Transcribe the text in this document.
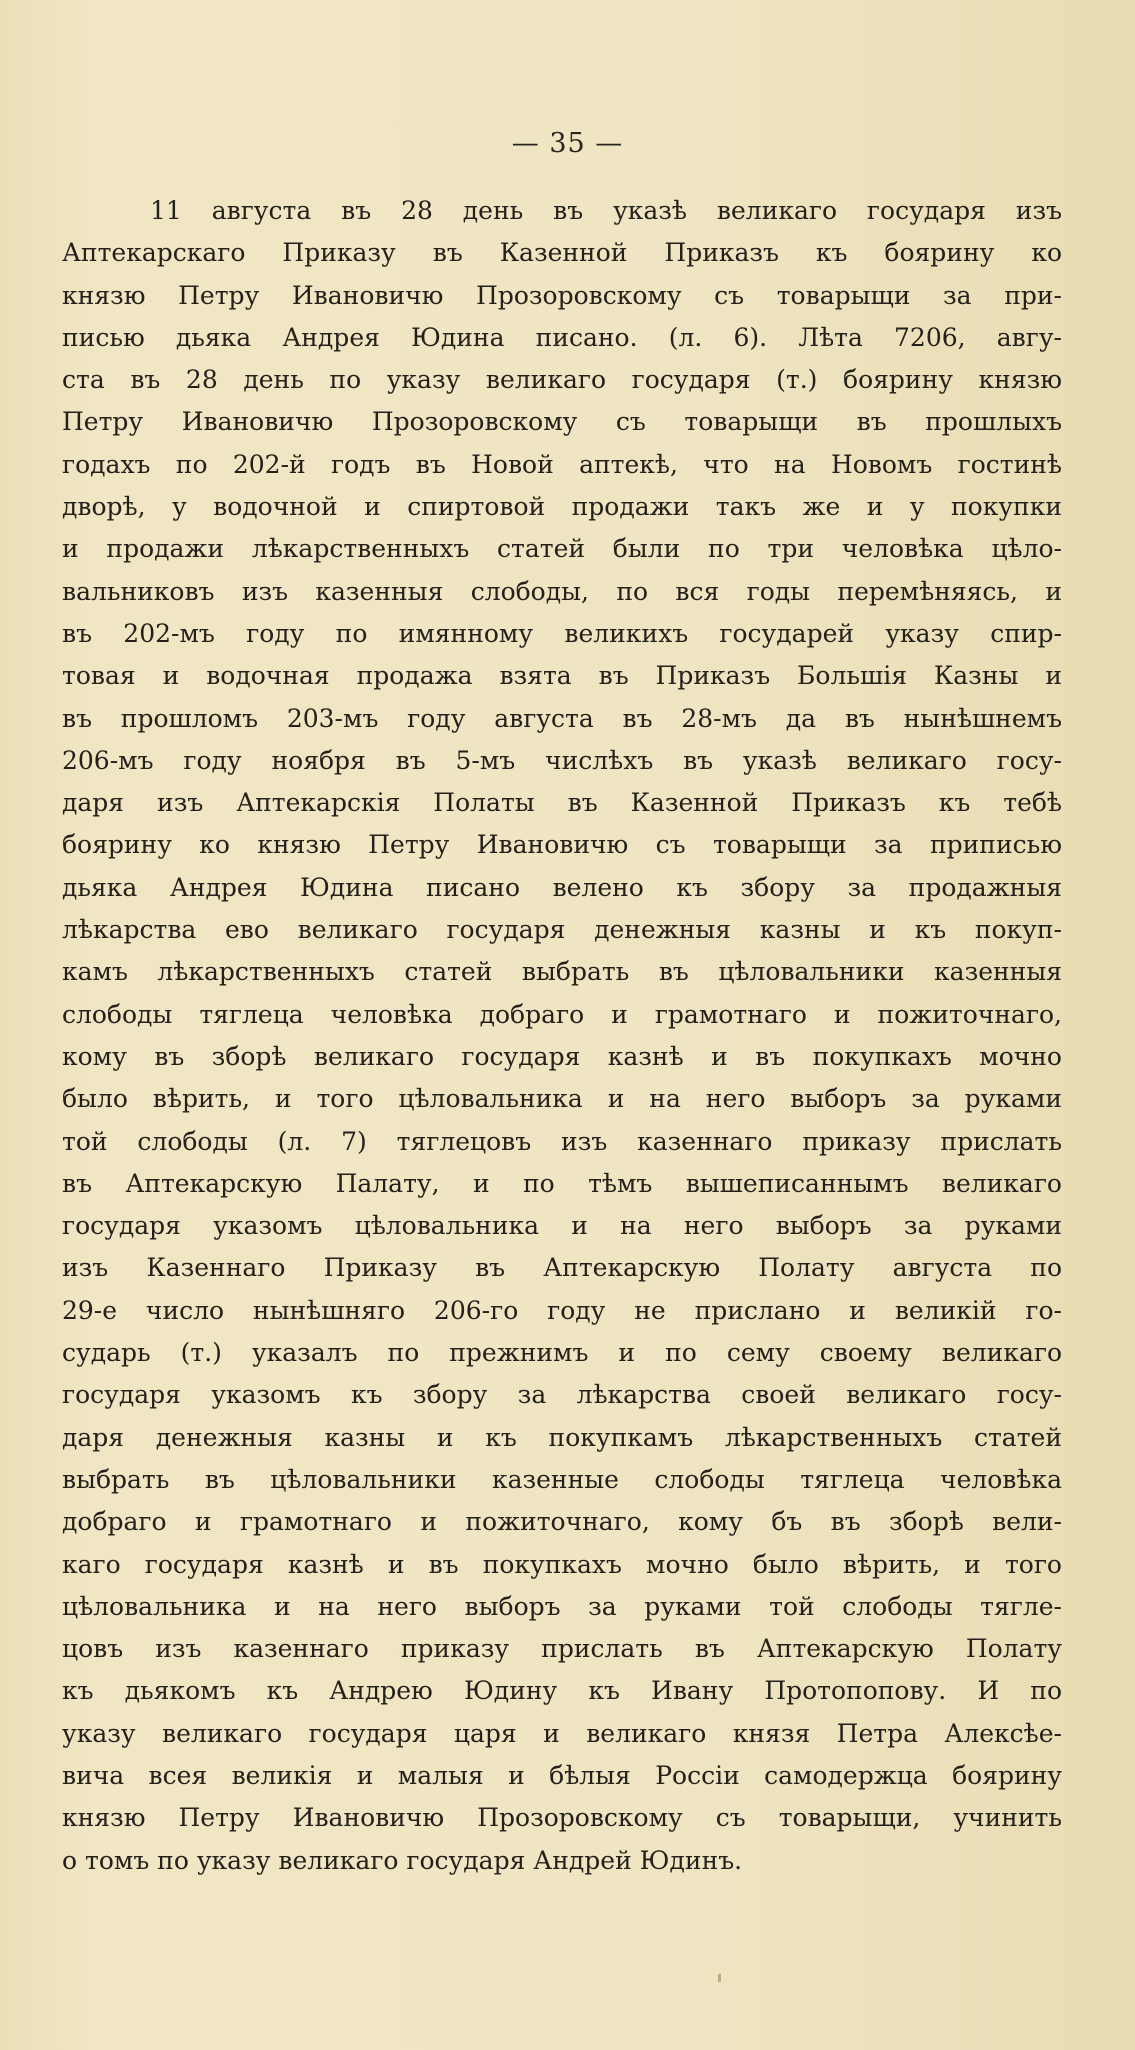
— 35 —
11 августа въ 28 день въ указѣ великаго государя изъ
Аптекарскаго Приказу въ Казенной Приказъ къ боярину ко
князю Петру Ивановичю Прозоровскому съ товарыщи за при-
писью дьяка Андрея Юдина писано. (л. 6). Лѣта 7206, авгу-
ста въ 28 день по указу великаго государя (т.) боярину князю
Петру Ивановичю Прозоровскому съ товарыщи въ прошлыхъ
годахъ по 202-й годъ въ Новой аптекѣ, что на Новомъ гостинѣ
дворѣ, у водочной и спиртовой продажи такъ же и у покупки
и продажи лѣкарственныхъ статей были по три человѣка цѣло-
вальниковъ изъ казенныя слободы, по вся годы перемѣняясь, и
въ 202-мъ году по имянному великихъ государей указу спир-
товая и водочная продажа взята въ Приказъ Большія Казны и
въ прошломъ 203-мъ году августа въ 28-мъ да въ нынѣшнемъ
206-мъ году ноября въ 5-мъ числѣхъ въ указѣ великаго госу-
даря изъ Аптекарскія Полаты въ Казенной Приказъ къ тебѣ
боярину ко князю Петру Ивановичю съ товарыщи за приписью
дьяка Андрея Юдина писано велено къ збору за продажныя
лѣкарства ево великаго государя денежныя казны и къ покуп-
камъ лѣкарственныхъ статей выбрать въ цѣловальники казенныя
слободы тяглеца человѣка добраго и грамотнаго и пожиточнаго,
кому въ зборѣ великаго государя казнѣ и въ покупкахъ мочно
было вѣрить, и того цѣловальника и на него выборъ за руками
той слободы (л. 7) тяглецовъ изъ казеннаго приказу прислать
въ Аптекарскую Палату, и по тѣмъ вышеписаннымъ великаго
государя указомъ цѣловальника и на него выборъ за руками
изъ Казеннаго Приказу въ Аптекарскую Полату августа по
29-е число нынѣшняго 206-го году не прислано и великій го-
сударь (т.) указалъ по прежнимъ и по сему своему великаго
государя указомъ къ збору за лѣкарства своей великаго госу-
даря денежныя казны и къ покупкамъ лѣкарственныхъ статей
выбрать въ цѣловальники казенные слободы тяглеца человѣка
добраго и грамотнаго и пожиточнаго, кому бъ въ зборѣ вели-
каго государя казнѣ и въ покупкахъ мочно было вѣрить, и того
цѣловальника и на него выборъ за руками той слободы тягле-
цовъ изъ казеннаго приказу прислать въ Аптекарскую Полату
къ дьякомъ къ Андрею Юдину къ Ивану Протопопову. И по
указу великаго государя царя и великаго князя Петра Алексѣе-
вича всея великія и малыя и бѣлыя Россіи самодержца боярину
князю Петру Ивановичю Прозоровскому съ товарыщи, учинить
о томъ по указу великаго государя Андрей Юдинъ.
